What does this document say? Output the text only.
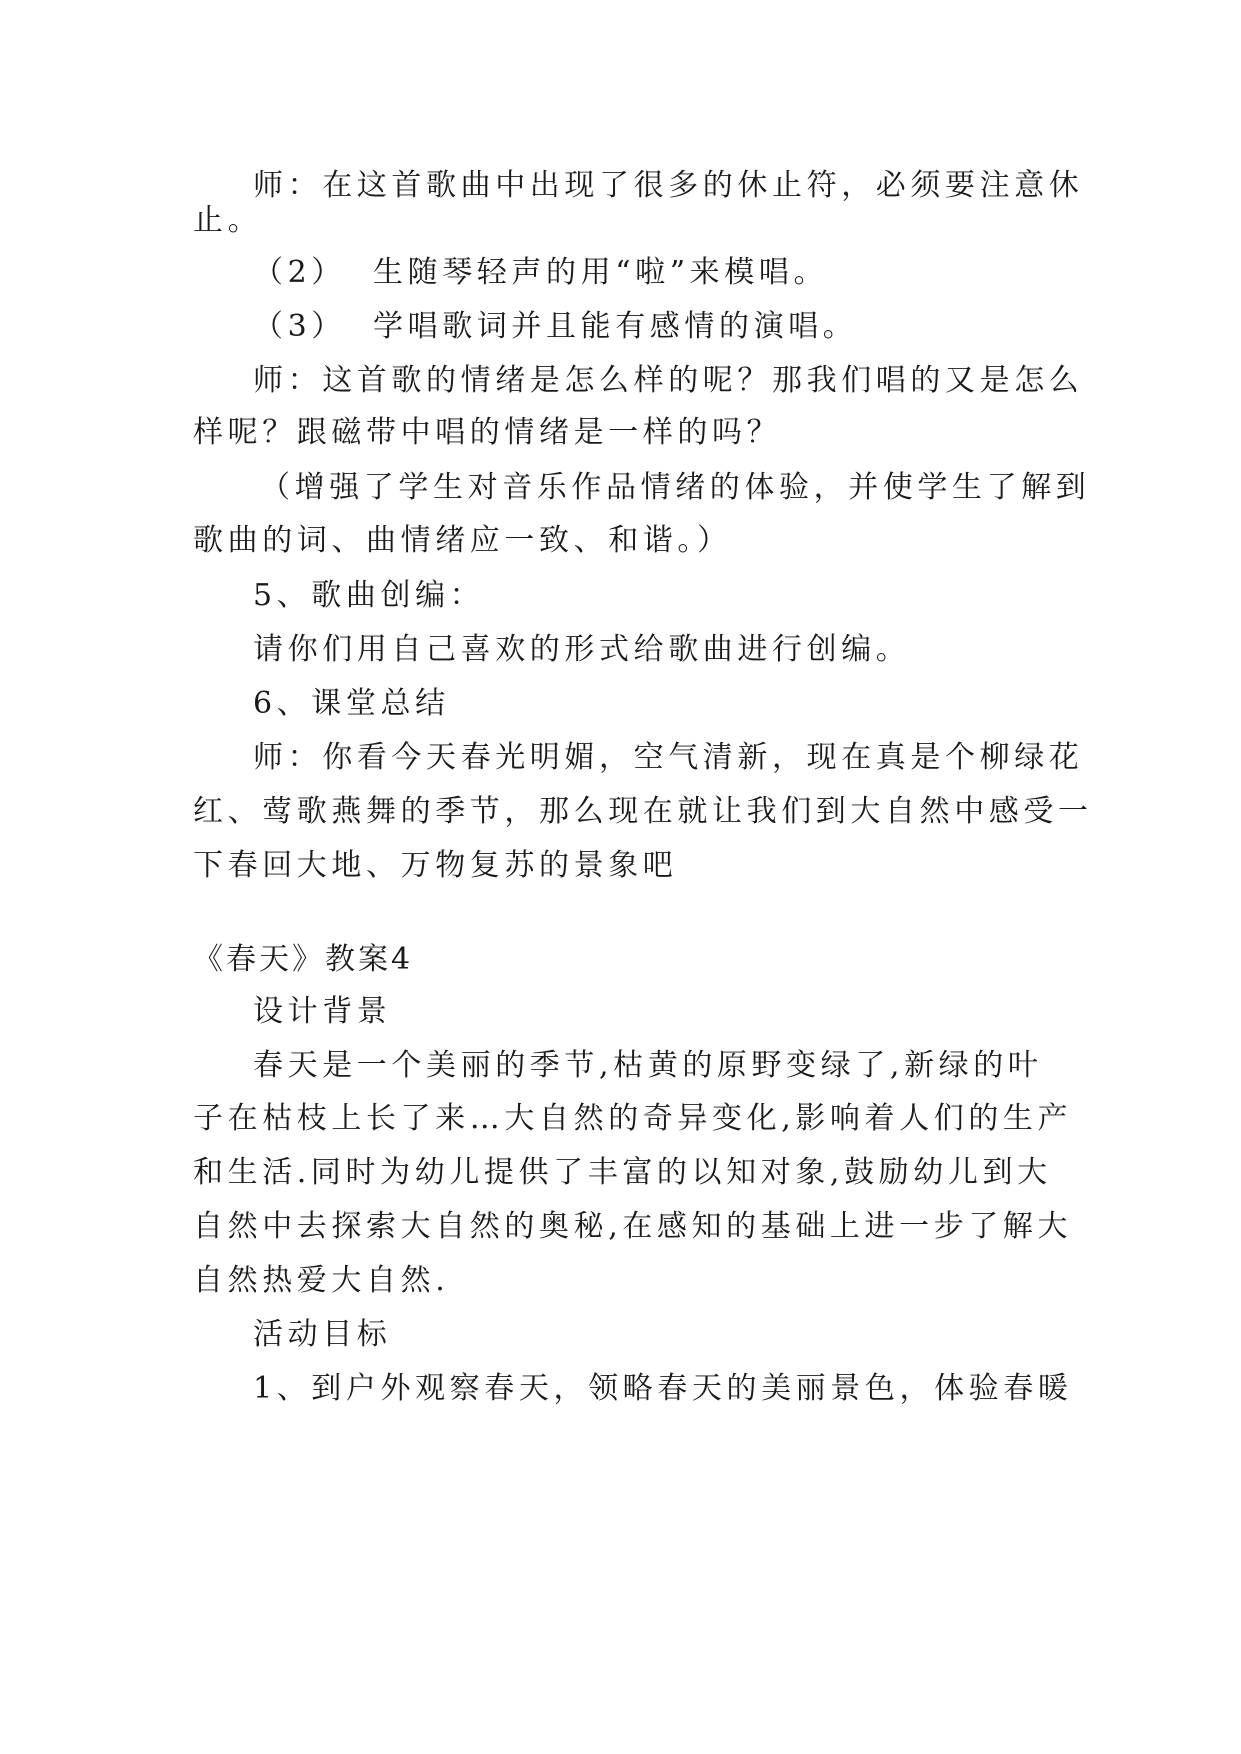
师：在这首歌曲中出现了很多的休止符，必须要注意休
止。
（2） 生随琴轻声的用“啦”来模唱。
（3） 学唱歌词并且能有感情的演唱。
师：这首歌的情绪是怎么样的呢？那我们唱的又是怎么
样呢？跟磁带中唱的情绪是一样的吗？
（增强了学生对音乐作品情绪的体验，并使学生了解到
歌曲的词、曲情绪应一致、和谐。）
5、歌曲创编：
请你们用自己喜欢的形式给歌曲进行创编。
6、课堂总结
师：你看今天春光明媚，空气清新，现在真是个柳绿花
红、莺歌燕舞的季节，那么现在就让我们到大自然中感受一
下春回大地、万物复苏的景象吧
《春天》教案4
设计背景
春天是一个美丽的季节,枯黄的原野变绿了,新绿的叶
子在枯枝上长了来…大自然的奇异变化,影响着人们的生产
和生活.同时为幼儿提供了丰富的以知对象,鼓励幼儿到大
自然中去探索大自然的奥秘,在感知的基础上进一步了解大
自然热爱大自然.
活动目标
1、到户外观察春天，领略春天的美丽景色，体验春暖
